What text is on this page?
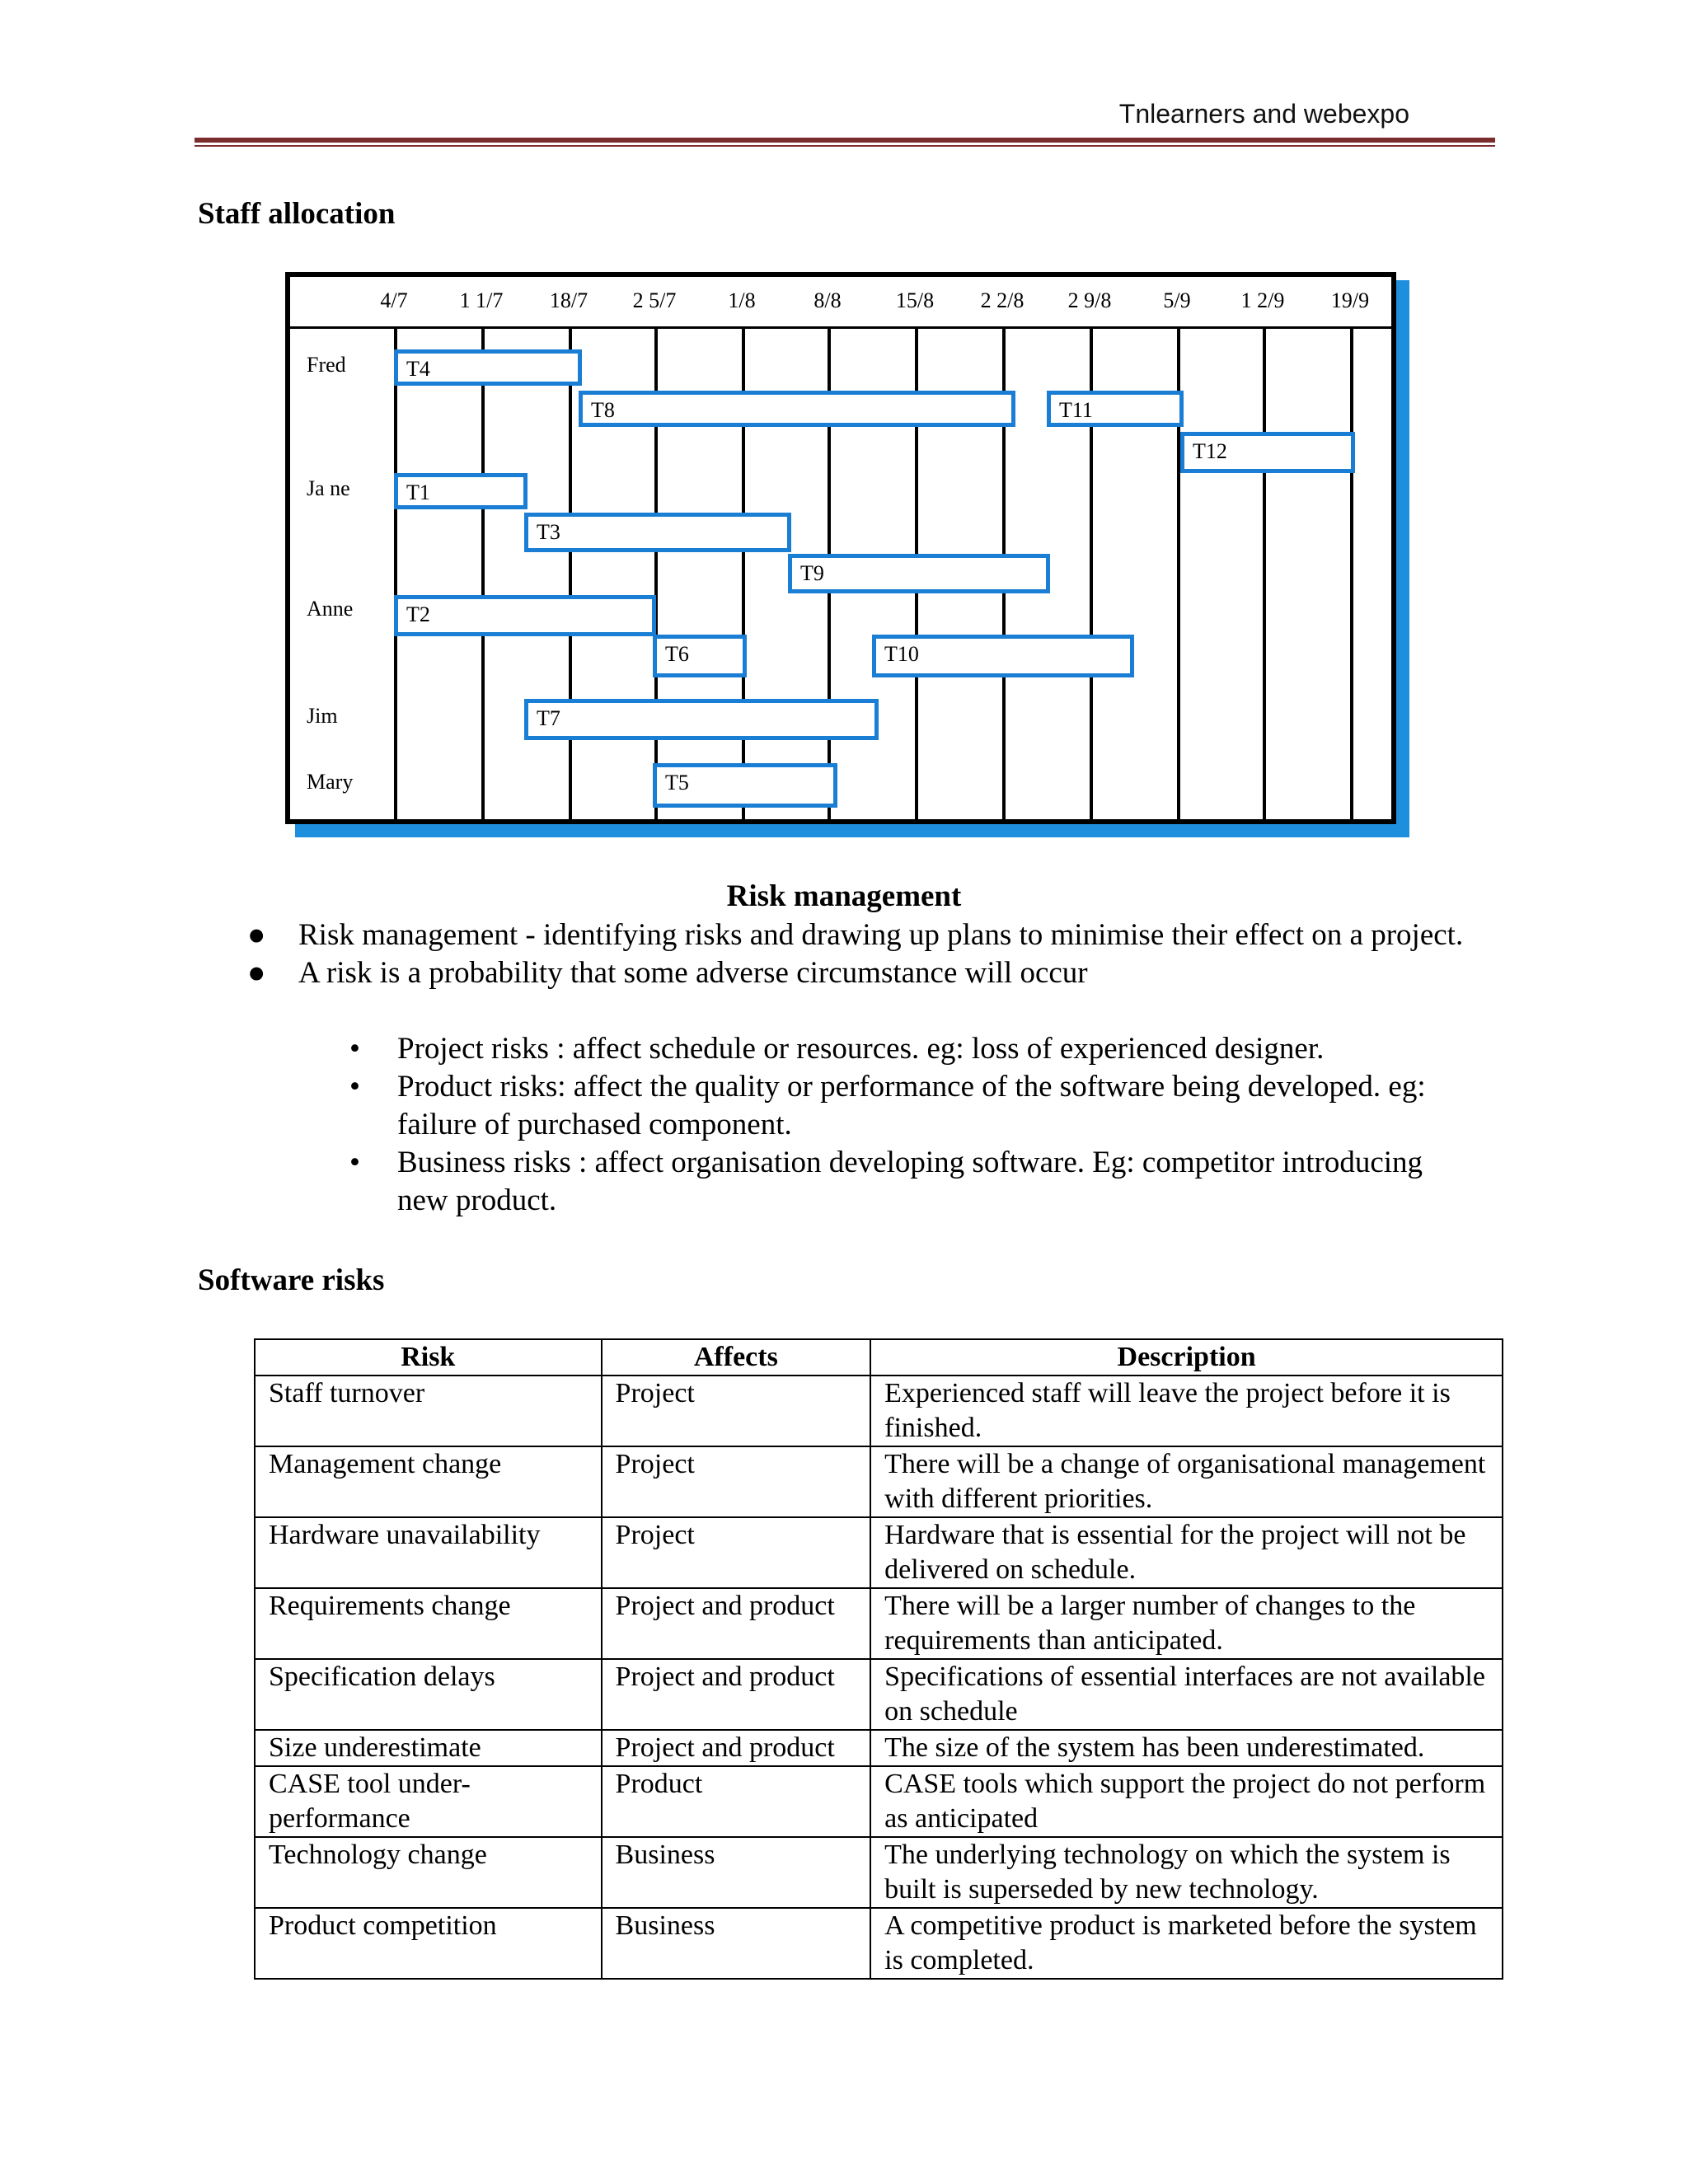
Tnlearners and webexpo
Staff allocation
4/7 1 1/7 18/7 2 5/7 1/8	8/8	15/8 2 2/8 2 9/8 5/9 1 2/9 19/9
Fred
Ja ne
Anne
Jim
Mary
T4
T8	T11
T12
T1
T3
T9
T2
T6	T10
T7
T5
Risk management
● Risk management - identifying risks and drawing up plans to minimise their effect on a project.
● A risk is a probability that some adverse circumstance will occur
• Project risks : affect schedule or resources. eg: loss of experienced designer.
• Product risks: affect the quality or performance of the software being developed. eg: failure of purchased component.
• Business risks : affect organisation developing software. Eg: competitor introducing new product.
Software risks
Risk	Affects	Description
Staff turnover	Project	Experienced staff will leave the project before it is finished.
Management change	Project	There will be a change of organisational management with different priorities.
Hardware unavailability	Project	Hardware that is essential for the project will not be delivered on schedule.
Requirements change	Project and product	There will be a larger number of changes to the requirements than anticipated.
Specification delays	Project and product	Specifications of essential interfaces are not available on schedule
Size underestimate	Project and product	The size of the system has been underestimated.
CASE tool under-performance	Product	CASE tools which support the project do not perform as anticipated
Technology change	Business	The underlying technology on which the system is built is superseded by new technology.
Product competition	Business	A competitive product is marketed before the system is completed.
